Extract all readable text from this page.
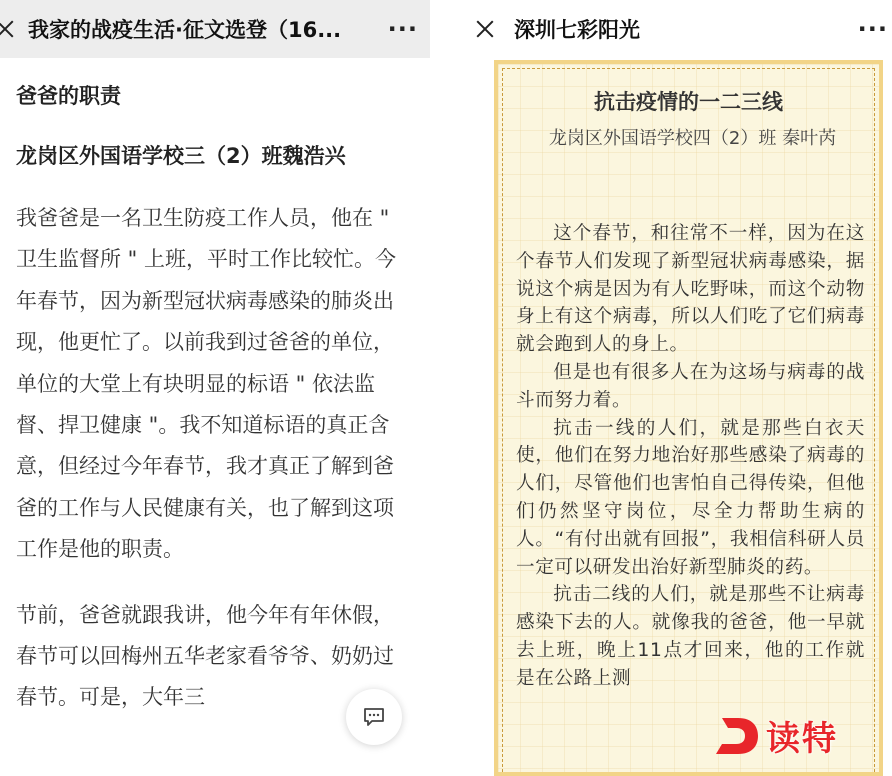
我家的战疫生活·征文选登（16...	···
爸爸的职责
龙岗区外国语学校三（2）班魏浩兴

我爸爸是一名卫生防疫工作人员，他在 " 卫生监督所 " 上班，平时工作比较忙。今年春节，因为新型冠状病毒感染的肺炎出现，他更忙了。以前我到过爸爸的单位，单位的大堂上有块明显的标语 " 依法监督、捍卫健康 "。我不知道标语的真正含意，但经过今年春节，我才真正了解到爸爸的工作与人民健康有关，也了解到这项工作是他的职责。

节前，爸爸就跟我讲，他今年有年休假，春节可以回梅州五华老家看爷爷、奶奶过春节。可是，大年三

深圳七彩阳光	···
抗击疫情的一二三线
龙岗区外国语学校四（2）班 秦叶芮

这个春节，和往常不一样，因为在这个春节人们发现了新型冠状病毒感染，据说这个病是因为有人吃野味，而这个动物身上有这个病毒，所以人们吃了它们病毒就会跑到人的身上。

但是也有很多人在为这场与病毒的战斗而努力着。

抗击一线的人们，就是那些白衣天使，他们在努力地治好那些感染了病毒的人们，尽管他们也害怕自己得传染，但他们仍然坚守岗位，尽全力帮助生病的人。“有付出就有回报”，我相信科研人员一定可以研发出治好新型肺炎的药。

抗击二线的人们，就是那些不让病毒感染下去的人。就像我的爸爸，他一早就去上班，晚上11点才回来，他的工作就是在公路上测

读特
